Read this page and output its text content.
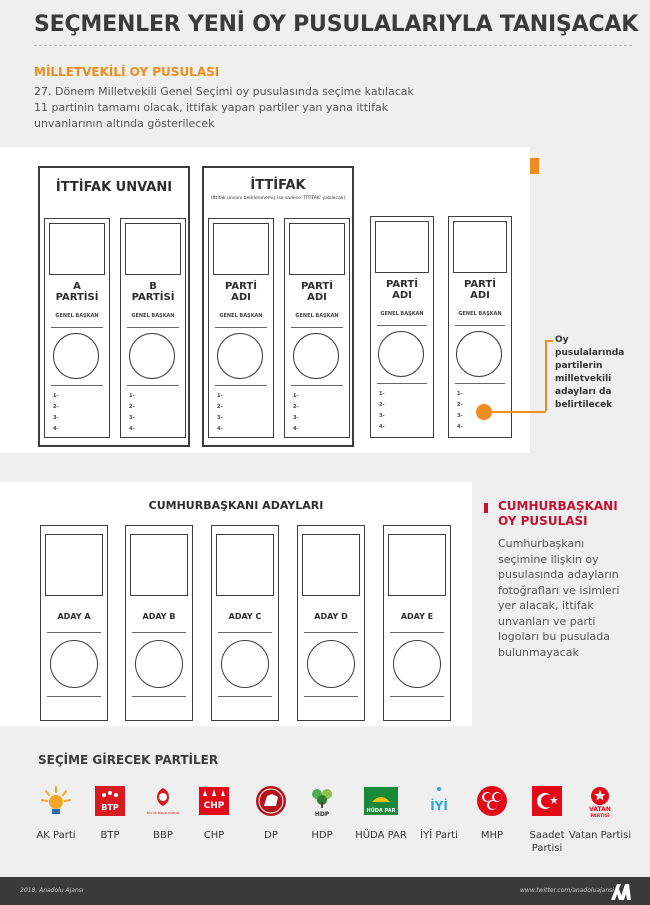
SEÇMENLER YENİ OY PUSULALARIYLA TANIŞACAK
MİLLETVEKİLİ OY PUSULASI
27. Dönem Milletvekili Genel Seçimi oy pusulasında seçime katılacak 11 partinin tamamı olacak, ittifak yapan partiler yan yana ittifak unvanlarının altında gösterilecek
İTTİFAK UNVANI
A
PARTİSİ
GENEL BAŞKAN
1-
2-
3-
4-
B
PARTİSİ
GENEL BAŞKAN
1-
2-
3-
4-
İTTİFAK
(İttifak unvanı belirlenmemiş ise sadece 'İTTİFAK' yazılacak)
PARTİ
ADI
GENEL BAŞKAN
1-
2-
3-
4-
PARTİ
ADI
GENEL BAŞKAN
1-
2-
3-
4-
PARTİ
ADI
GENEL BAŞKAN
1-
2-
3-
4-
PARTİ
ADI
GENEL BAŞKAN
1-
2-
3-
4-
Oy pusulalarında partilerin milletvekili adayları da belirtilecek
CUMHURBAŞKANI ADAYLARI
ADAY A	ADAY B	ADAY C	ADAY D	ADAY E
CUMHURBAŞKANI
OY PUSULASI
Cumhurbaşkanı seçimine ilişkin oy pusulasında adayların fotoğrafları ve isimleri yer alacak, ittifak unvanları ve parti logoları bu pusulada bulunmayacak
SEÇİME GİRECEK PARTİLER
AK Parti
BTP
BTP
BÜYÜK BİRLİK PARTİSİ
BBP
CHP
CHP	DP
HDP
HDP
HÜDA PAR
HÜDA PAR
İYİ
İYİ Parti	MHP	Saadet Partisi
VATAN
PARTİSİ
Vatan Partisi
2018, Anadolu Ajansı	www.twitter.com/anadoluajansi
